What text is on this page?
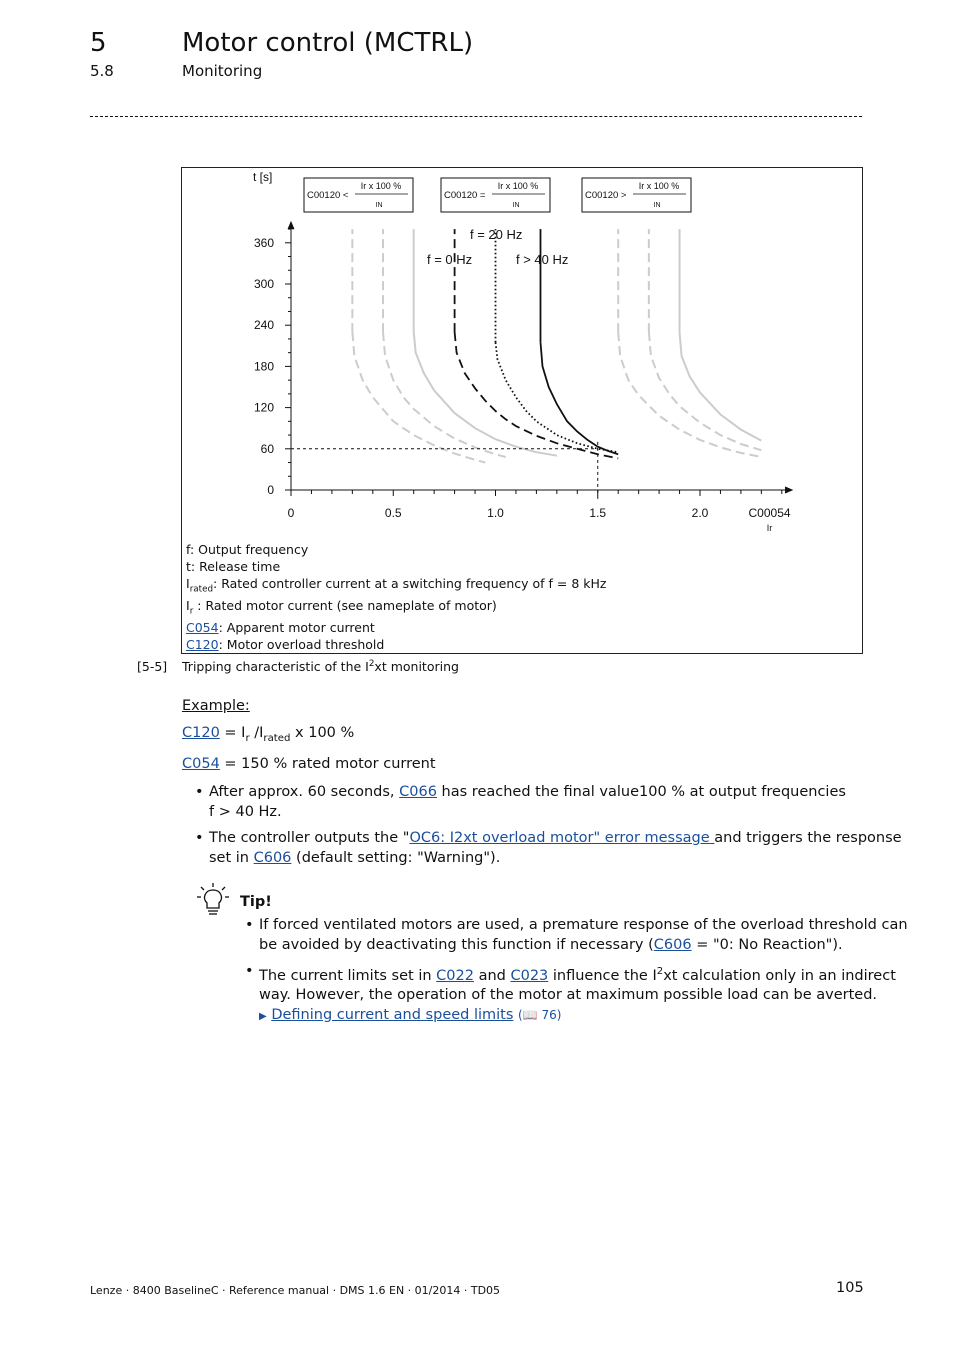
5	Motor control (MCTRL)
5.8	Monitoring
0
60
120
180
240
300
360
0	0.5	1.0	1.5	2.0
t [s]
C00054
Ir
f = 20 Hz
f = 0 Hz	f > 40 Hz
C00120 <
Ir x 100 %
IN
C00120 =
Ir x 100 %
IN
C00120 >
Ir x 100 %
IN
f: Output frequency
t: Release time
$I_{rated}$: Rated controller current at a switching frequency of f = 8 kHz
$I_r$ : Rated motor current (see nameplate of motor)
C054: Apparent motor current
C120: Motor overload threshold
[5-5] Tripping characteristic of the $I^2xt$ monitoring
Example:
$C120 = I_r$ $/I_{rated}$ x 100 %
C054 = 150 % rated motor current
• After approx. 60 seconds, C066 has reached the final value100 % at output frequencies
f > 40 Hz.
• The controller outputs the "OC6: I2xt overload motor" error message and triggers the response
set in C606 (default setting: "Warning").
Tip!
• If forced ventilated motors are used, a premature response of the overload threshold can
be avoided by deactivating this function if necessary (C606 = "0: No Reaction").
• The current limits set in C022 and C023 influence the $I^2xt$ calculation only in an indirect
way. However, the operation of the motor at maximum possible load can be averted.
▶ Defining current and speed limits (📖 76)
Lenze · 8400 BaselineC · Reference manual · DMS 1.6 EN · 01/2014 · TD05	105
